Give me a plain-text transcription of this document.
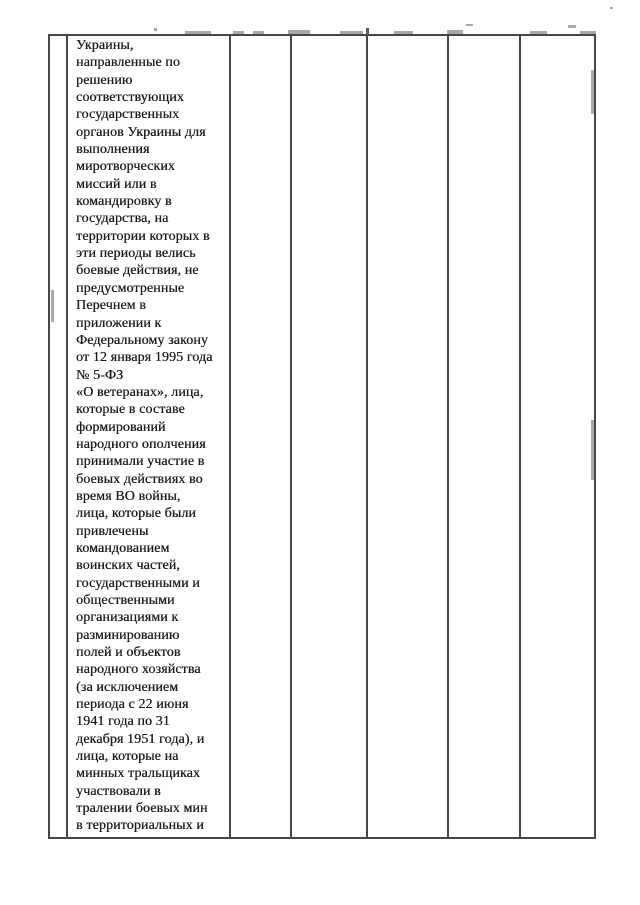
Украины,
направленные по
решению
соответствующих
государственных
органов Украины для
выполнения
миротворческих
миссий или в
командировку в
государства, на
территории которых в
эти периоды велись
боевые действия, не
предусмотренные
Перечнем в
приложении к
Федеральному закону
от 12 января 1995 года
№ 5-ФЗ
«О ветеранах», лица,
которые в составе
формирований
народного ополчения
принимали участие в
боевых действиях во
время ВО войны,
лица, которые были
привлечены
командованием
воинских частей,
государственными и
общественными
организациями к
разминированию
полей и объектов
народного хозяйства
(за исключением
периода с 22 июня
1941 года по 31
декабря 1951 года), и
лица, которые на
минных тральщиках
участвовали в
тралении боевых мин
в территориальных и
